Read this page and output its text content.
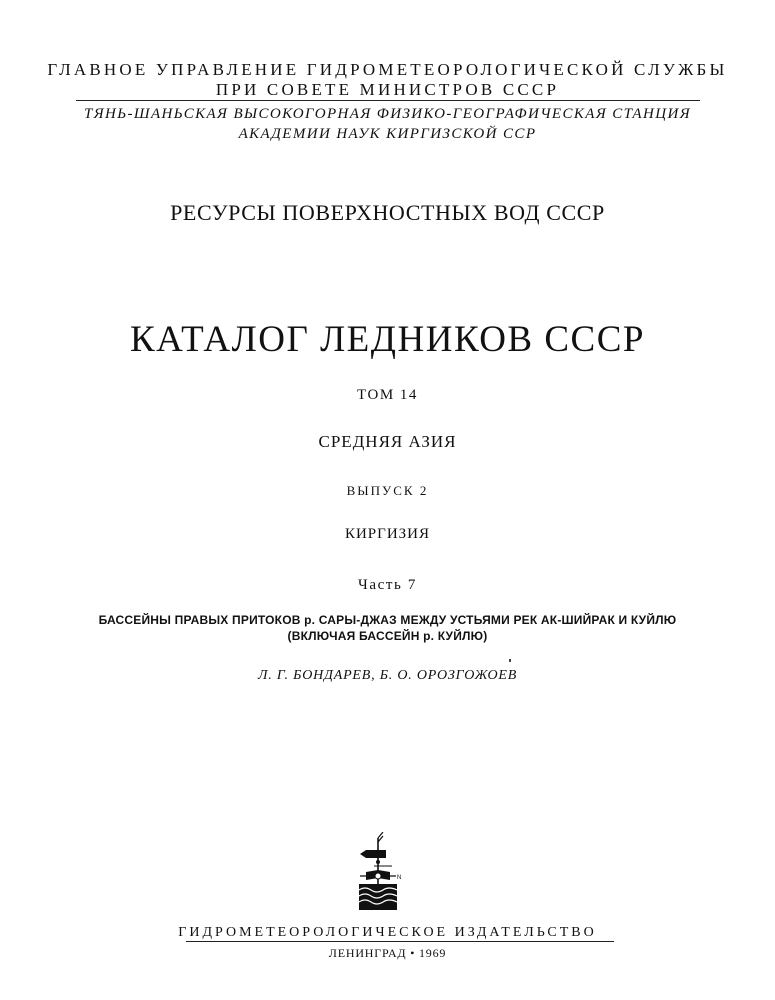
ГЛАВНОЕ УПРАВЛЕНИЕ ГИДРОМЕТЕОРОЛОГИЧЕСКОЙ СЛУЖБЫ
ПРИ СОВЕТЕ МИНИСТРОВ СССР
ТЯНЬ-ШАНЬСКАЯ ВЫСОКОГОРНАЯ ФИЗИКО-ГЕОГРАФИЧЕСКАЯ СТАНЦИЯ
АКАДЕМИИ НАУК КИРГИЗСКОЙ ССР
РЕСУРСЫ ПОВЕРХНОСТНЫХ ВОД СССР
КАТАЛОГ ЛЕДНИКОВ СССР
ТОМ 14
СРЕДНЯЯ АЗИЯ
ВЫПУСК 2
КИРГИЗИЯ
Часть 7
БАССЕЙНЫ ПРАВЫХ ПРИТОКОВ р. САРЫ-ДЖАЗ МЕЖДУ УСТЬЯМИ РЕК АК-ШИЙРАК И КУЙЛЮ
(ВКЛЮЧАЯ БАССЕЙН р. КУЙЛЮ)
Л. Г. БОНДАРЕВ, Б. О. ОРОЗГОЖОЕВ
N
ГИДРОМЕТЕОРОЛОГИЧЕСКОЕ ИЗДАТЕЛЬСТВО
ЛЕНИНГРАД • 1969
